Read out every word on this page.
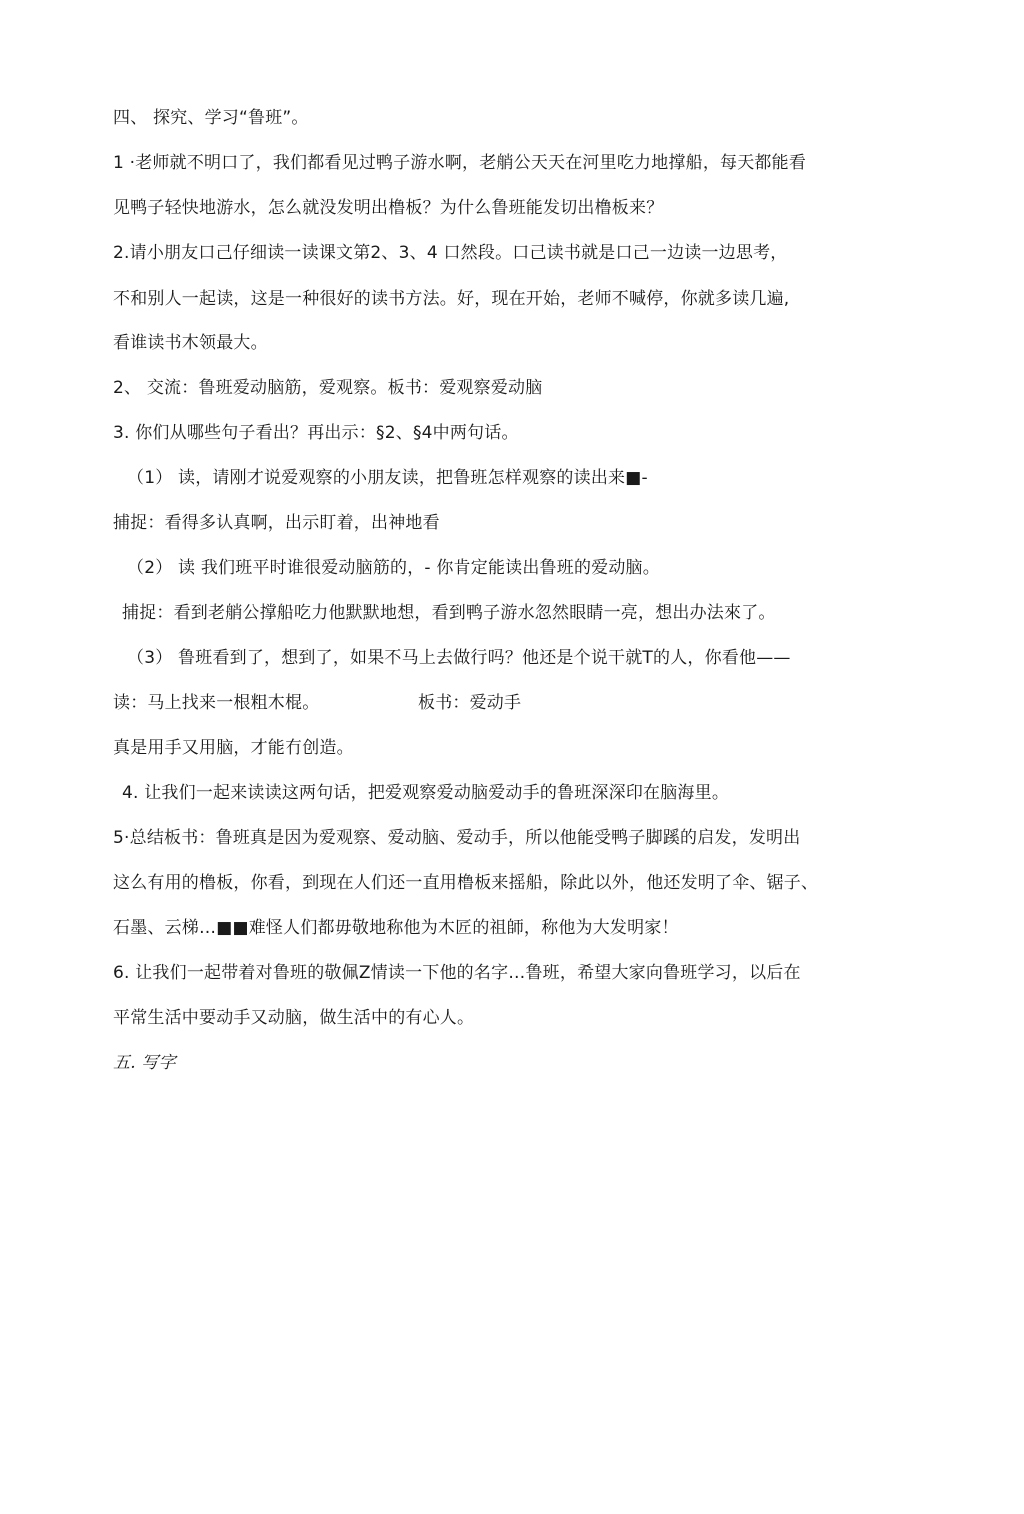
四、 探究、学习“鲁班”。
1 ·老师就不明口了，我们都看见过鸭子游水啊，老艄公天天在河里吃力地撑船，每天都能看
见鸭子轻快地游水，怎么就没发明出橹板？为什么鲁班能发切出橹板来？
2.请小朋友口己仔细读一读课文第2、3、4 口然段。口己读书就是口己一边读一边思考，
不和别人一起读，这是一种很好的读书方法。好，现在开始，老师不喊停，你就多读几遍,
看谁读书木领最大。
2、 交流：鲁班爱动脑筋，爱观察。板书：爱观察爱动脑
3. 你们从哪些句子看出？再出示：§2、§4中两句话。
（1） 读，请刚才说爱观察的小朋友读，把鲁班怎样观察的读出来■-
捕捉：看得多认真啊，出示盯着，出神地看
（2） 读 我们班平时谁很爱动脑筋的，- 你肯定能读出鲁班的爱动脑。
捕捉：看到老艄公撑船吃力他默默地想，看到鸭子游水忽然眼睛一亮，想出办法來了。
（3） 鲁班看到了，想到了，如果不马上去做行吗？他还是个说干就T的人，你看他——
读：马上找来一根粗木棍。	板书：爱动手
真是用手又用脑，才能冇创造。
4. 让我们一起来读读这两句话，把爱观察爱动脑爱动手的鲁班深深印在脑海里。
5·总结板书：鲁班真是因为爱观察、爱动脑、爱动手，所以他能受鸭子脚蹊的启发，发明出
这么有用的橹板，你看，到现在人们还一直用橹板来摇船，除此以外，他还发明了伞、锯子、
石墨、云梯…■■难怪人们都毋敬地称他为木匠的祖師，称他为大发明家！
6. 让我们一起带着对鲁班的敬佩Z情读一下他的名字…鲁班，希望大家向鲁班学习，以后在
平常生活中要动手又动脑，做生活中的有心人。
五. 写字
